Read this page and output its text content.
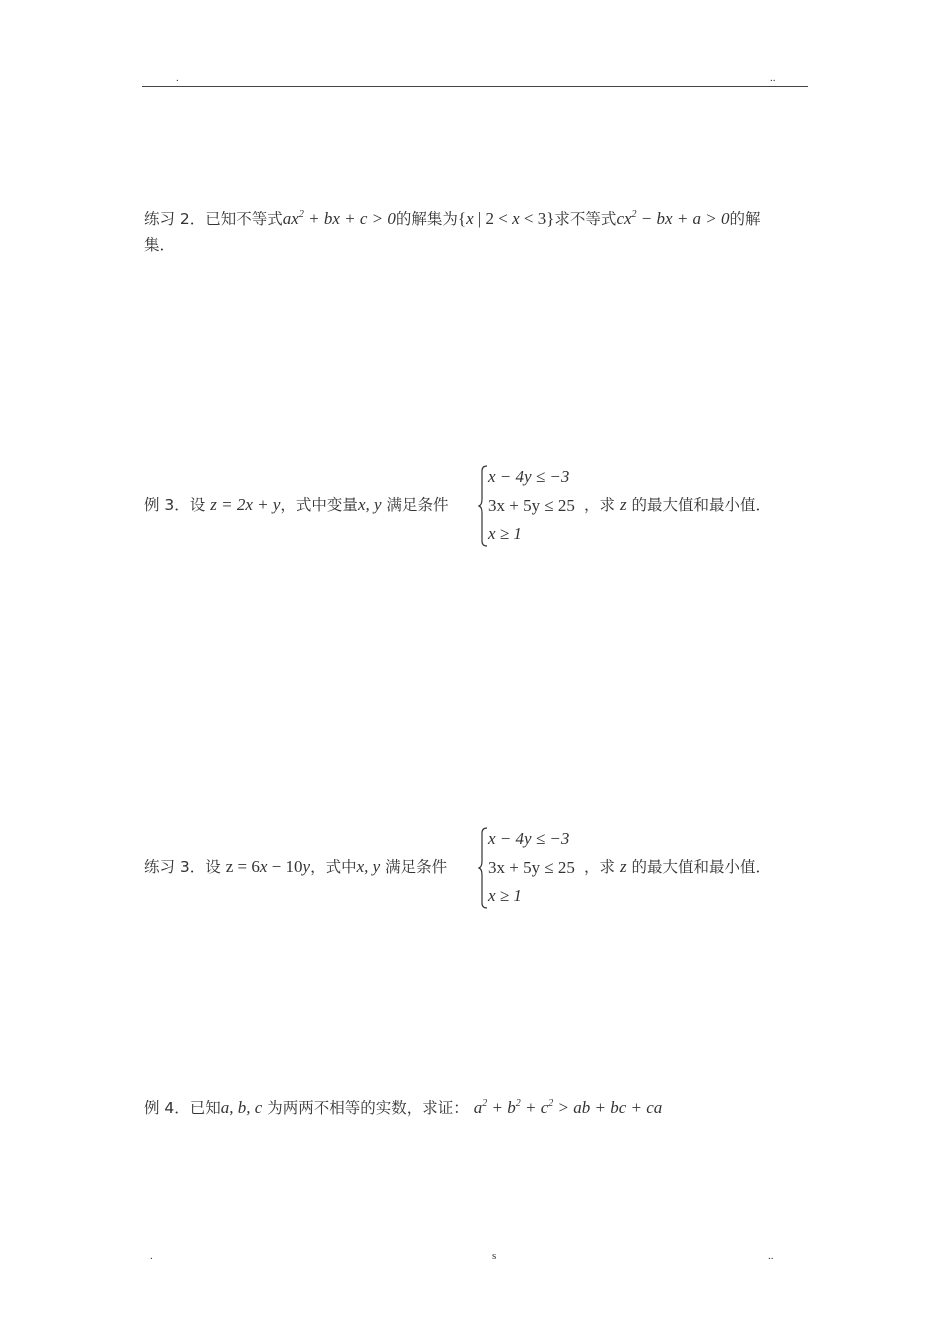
.	..
练习 2．已知不等式$ax^2$ + bx + c > 0的解集为{x | 2 < x < 3}求不等式$cx^2$ − bx + a > 0的解
集．
例 3．设 z = 2x + y，式中变量x, y 满足条件
x − 4y ≤ −3
3x + 5y ≤ 25
x ≥ 1
，求 z 的最大值和最小值．
练习 3．设 z = 6x − 10y，式中x, y 满足条件
x − 4y ≤ −3
3x + 5y ≤ 25
x ≥ 1
，求 z 的最大值和最小值．
例 4．已知a, b, c 为两两不相等的实数，求证： $a^2 + b^2 + c^2$ > ab + bc + ca
.	s	..
